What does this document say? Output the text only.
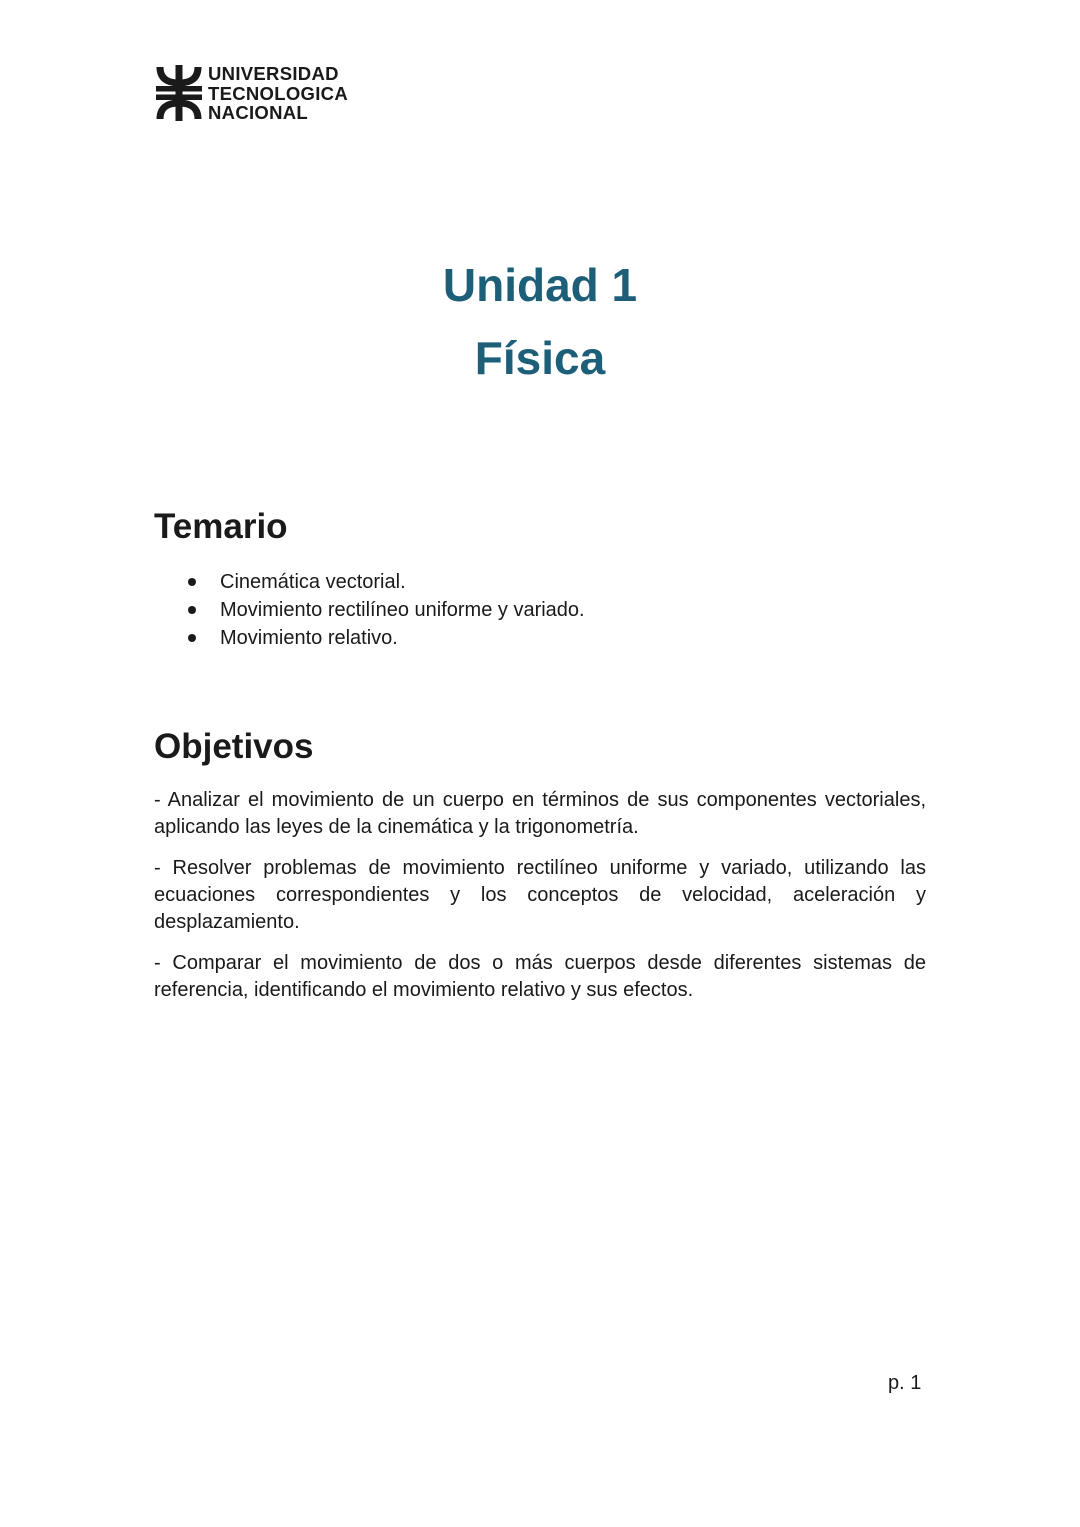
UNIVERSIDAD
TECNOLOGICA
NACIONAL
Unidad 1
Física
Temario
Cinemática vectorial.
Movimiento rectilíneo uniforme y variado.
Movimiento relativo.
Objetivos

- Analizar el movimiento de un cuerpo en términos de sus componentes vectoriales, aplicando las leyes de la cinemática y la trigonometría.

- Resolver problemas de movimiento rectilíneo uniforme y variado, utilizando las ecuaciones correspondientes y los conceptos de velocidad, aceleración y desplazamiento.

- Comparar el movimiento de dos o más cuerpos desde diferentes sistemas de referencia, identificando el movimiento relativo y sus efectos.

p. 1
